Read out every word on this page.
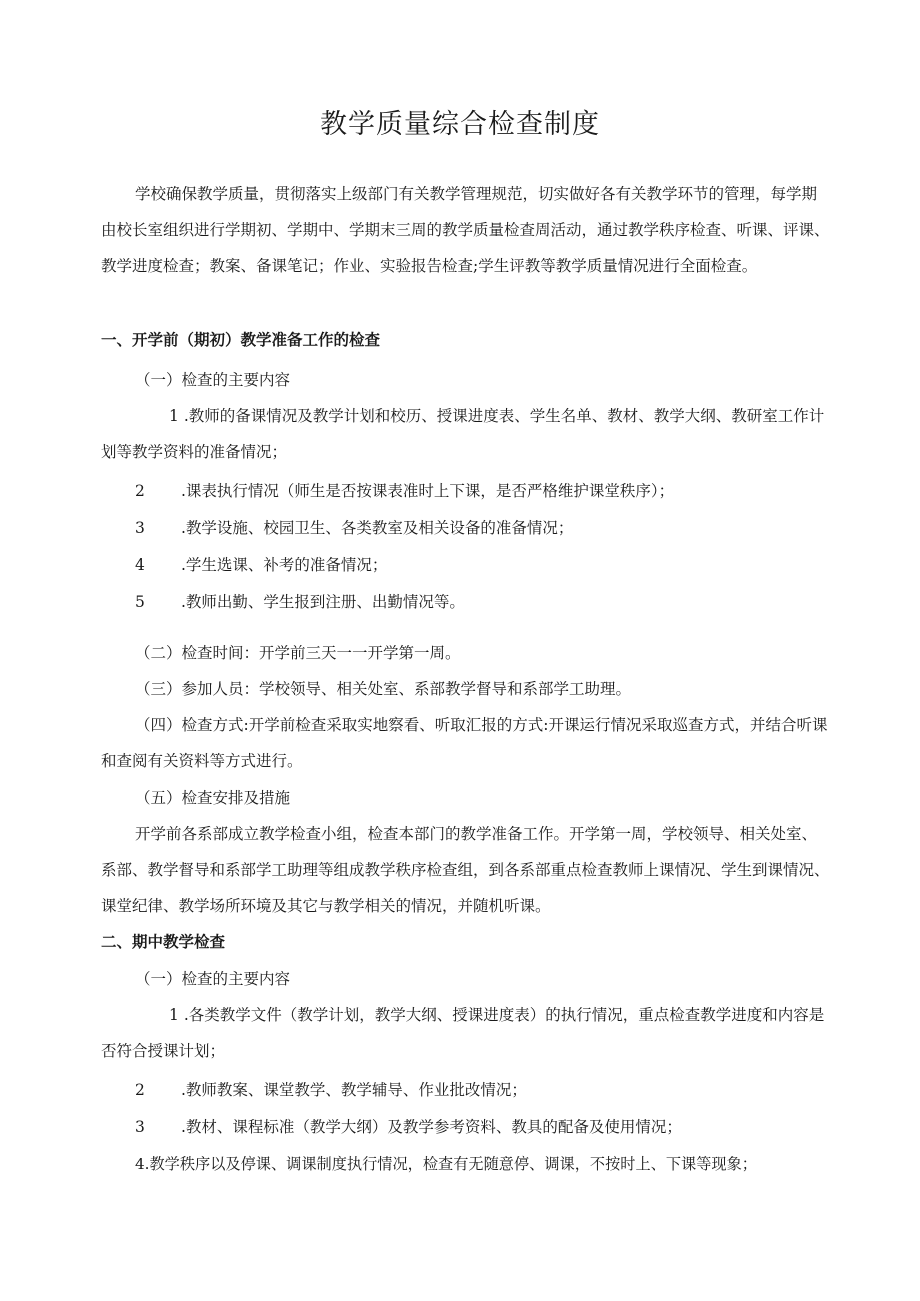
教学质量综合检查制度

学校确保教学质量，贯彻落实上级部门有关教学管理规范，切实做好各有关教学环节的管理，每学期由校长室组织进行学期初、学期中、学期末三周的教学质量检查周活动，通过教学秩序检查、听课、评课、教学进度检查；教案、备课笔记；作业、实验报告检查;学生评教等教学质量情况进行全面检查。

一、开学前（期初）教学准备工作的检查
（一）检查的主要内容

1 .教师的备课情况及教学计划和校历、授课进度表、学生名单、教材、教学大纲、教研室工作计划等教学资料的准备情况；

2 .课表执行情况（师生是否按课表准时上下课，是否严格维护课堂秩序）；
3 .教学设施、校园卫生、各类教室及相关设备的准备情况；
4 .学生选课、补考的准备情况；
5 .教师出勤、学生报到注册、出勤情况等。
（二）检查时间：开学前三天一一开学第一周。
（三）参加人员：学校领导、相关处室、系部教学督导和系部学工助理。

（四）检查方式:开学前检查采取实地察看、听取汇报的方式:开课运行情况采取巡查方式，并结合听课和查阅有关资料等方式进行。

（五）检查安排及措施

开学前各系部成立教学检查小组，检查本部门的教学准备工作。开学第一周，学校领导、相关处室、系部、教学督导和系部学工助理等组成教学秩序检查组，到各系部重点检查教师上课情况、学生到课情况、课堂纪律、教学场所环境及其它与教学相关的情况，并随机听课。

二、期中教学检查
（一）检查的主要内容

1 .各类教学文件（教学计划，教学大纲、授课进度表）的执行情况，重点检查教学进度和内容是否符合授课计划；

2 .教师教案、课堂教学、教学辅导、作业批改情况；
3 .教材、课程标准（教学大纲）及教学参考资料、教具的配备及使用情况；
4.教学秩序以及停课、调课制度执行情况，检查有无随意停、调课，不按时上、下课等现象；
